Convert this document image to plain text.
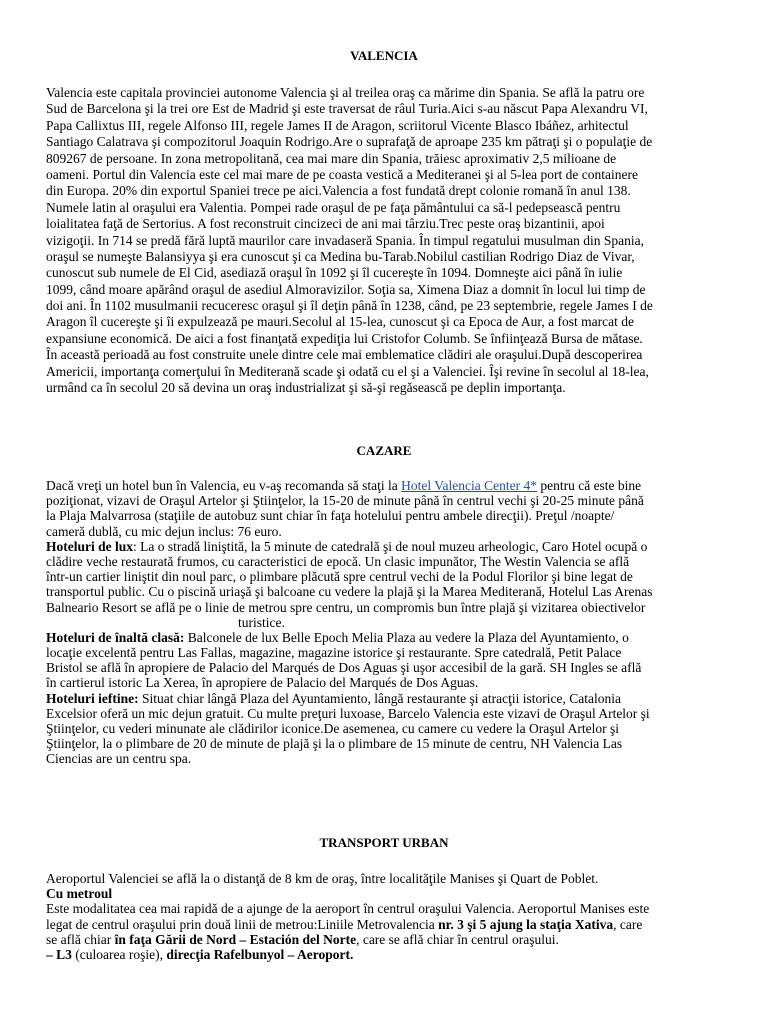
VALENCIA
Valencia este capitala provinciei autonome Valencia şi al treilea oraş ca mărime din Spania. Se află la patru ore
Sud de Barcelona şi la trei ore Est de Madrid şi este traversat de râul Turia.Aici s-au născut Papa Alexandru VI,
Papa Callixtus III, regele Alfonso III, regele James II de Aragon, scriitorul Vicente Blasco Ibáñez, arhitectul
Santiago Calatrava şi compozitorul Joaquin Rodrigo.Are o suprafaţă de aproape 235 km pătraţi şi o populaţie de
809267 de persoane. In zona metropolitană, cea mai mare din Spania, trăiesc aproximativ 2,5 milioane de
oameni. Portul din Valencia este cel mai mare de pe coasta vestică a Mediteranei şi al 5-lea port de containere
din Europa. 20% din exportul Spaniei trece pe aici.Valencia a fost fundată drept colonie romană în anul 138.
Numele latin al oraşului era Valentia. Pompei rade oraşul de pe faţa pământului ca să-l pedepsească pentru
loialitatea faţă de Sertorius. A fost reconstruit cincizeci de ani mai târziu.Trec peste oraş bizantinii, apoi
vizigoţii. In 714 se predă fără luptă maurilor care invadaseră Spania. În timpul regatului musulman din Spania,
oraşul se numeşte Balansiyya şi era cunoscut şi ca Medina bu-Tarab.Nobilul castilian Rodrigo Diaz de Vivar,
cunoscut sub numele de El Cid, asediază oraşul în 1092 şi îl cucereşte în 1094. Domneşte aici până în iulie
1099, când moare apărând oraşul de asediul Almoravizilor. Soţia sa, Ximena Diaz a domnit în locul lui timp de
doi ani. În 1102 musulmanii recuceresc oraşul şi îl deţin până în 1238, când, pe 23 septembrie, regele James I de
Aragon îl cucereşte şi îi expulzează pe mauri.Secolul al 15-lea, cunoscut şi ca Epoca de Aur, a fost marcat de
expansiune economică. De aici a fost finanţată expediţia lui Cristofor Columb. Se înfiinţează Bursa de mătase.
În această perioadă au fost construite unele dintre cele mai emblematice clădiri ale oraşului.După descoperirea
Americii, importanţa comerţului în Mediterană scade şi odată cu el şi a Valenciei. Îşi revine în secolul al 18-lea,
urmând ca în secolul 20 să devina un oraş industrializat şi să-şi regăsească pe deplin importanţa.
CAZARE
Dacă vreţi un hotel bun în Valencia, eu v-aş recomanda să staţi la Hotel Valencia Center 4* pentru că este bine
poziţionat, vizavi de Oraşul Artelor şi Ştiinţelor, la 15-20 de minute până în centrul vechi şi 20-25 minute până
la Plaja Malvarrosa (staţiile de autobuz sunt chiar în faţa hotelului pentru ambele direcţii). Preţul /noapte/
cameră dublă, cu mic dejun inclus: 76 euro.
Hoteluri de lux: La o stradă liniştită, la 5 minute de catedrală şi de noul muzeu arheologic, Caro Hotel ocupă o
clădire veche restaurată frumos, cu caracteristici de epocă. Un clasic impunător, The Westin Valencia se află
într-un cartier liniştit din noul parc, o plimbare plăcută spre centrul vechi de la Podul Florilor şi bine legat de
transportul public. Cu o piscină uriaşă şi balcoane cu vedere la plajă şi la Marea Mediterană, Hotelul Las Arenas
Balneario Resort se află pe o linie de metrou spre centru, un compromis bun între plajă şi vizitarea obiectivelor
turistice.
Hoteluri de înaltă clasă: Balconele de lux Belle Epoch Melia Plaza au vedere la Plaza del Ayuntamiento, o
locaţie excelentă pentru Las Fallas, magazine, magazine istorice şi restaurante. Spre catedrală, Petit Palace
Bristol se află în apropiere de Palacio del Marqués de Dos Aguas şi uşor accesibil de la gară. SH Ingles se află
în cartierul istoric La Xerea, în apropiere de Palacio del Marqués de Dos Aguas.
Hoteluri ieftine: Situat chiar lângă Plaza del Ayuntamiento, lângă restaurante şi atracţii istorice, Catalonia
Excelsior oferă un mic dejun gratuit. Cu multe preţuri luxoase, Barcelo Valencia este vizavi de Oraşul Artelor şi
Ştiinţelor, cu vederi minunate ale clădirilor iconice.De asemenea, cu camere cu vedere la Oraşul Artelor şi
Ştiinţelor, la o plimbare de 20 de minute de plajă şi la o plimbare de 15 minute de centru, NH Valencia Las
Ciencias are un centru spa.
TRANSPORT URBAN
Aeroportul Valenciei se află la o distanţă de 8 km de oraş, între localităţile Manises şi Quart de Poblet.
Cu metroul
Este modalitatea cea mai rapidă de a ajunge de la aeroport în centrul oraşului Valencia. Aeroportul Manises este
legat de centrul oraşului prin două linii de metrou:Liniile Metrovalencia nr. 3 şi 5 ajung la staţia Xativa, care
se află chiar în faţa Gării de Nord – Estación del Norte, care se află chiar în centrul oraşului.
– L3 (culoarea roşie), direcţia Rafelbunyol – Aeroport.
